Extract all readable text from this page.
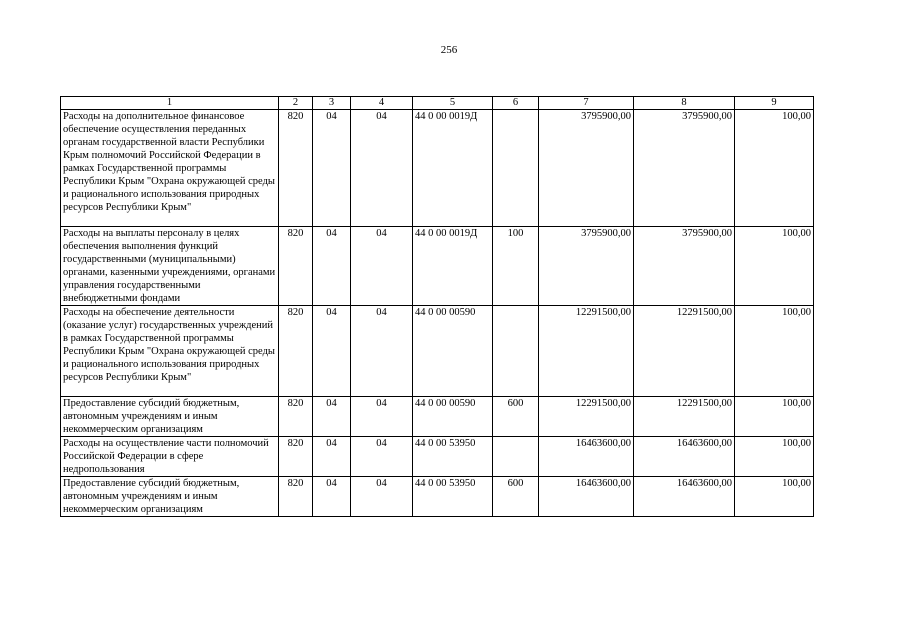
256
1	2	3	4	5	6	7	8	9
Расходы на дополнительное финансовое обеспечение осуществления переданных органам государственной власти Республики Крым полномочий Российской Федерации в рамках Государственной программы Республики Крым "Охрана окружающей среды и рационального использования природных ресурсов Республики Крым"	820	04	04	44 0 00 0019Д		3795900,00	3795900,00	100,00
Расходы на выплаты персоналу в целях обеспечения выполнения функций государственными (муниципальными) органами, казенными учреждениями, органами управления государственными внебюджетными фондами	820	04	04	44 0 00 0019Д	100	3795900,00	3795900,00	100,00
Расходы на обеспечение деятельности (оказание услуг) государственных учреждений в рамках Государственной программы Республики Крым "Охрана окружающей среды и рационального использования природных ресурсов Республики Крым"	820	04	04	44 0 00 00590		12291500,00	12291500,00	100,00
Предоставление субсидий бюджетным, автономным учреждениям и иным некоммерческим организациям	820	04	04	44 0 00 00590	600	12291500,00	12291500,00	100,00
Расходы на осуществление части полномочий Российской Федерации в сфере недропользования	820	04	04	44 0 00 53950		16463600,00	16463600,00	100,00
Предоставление субсидий бюджетным, автономным учреждениям и иным некоммерческим организациям	820	04	04	44 0 00 53950	600	16463600,00	16463600,00	100,00
